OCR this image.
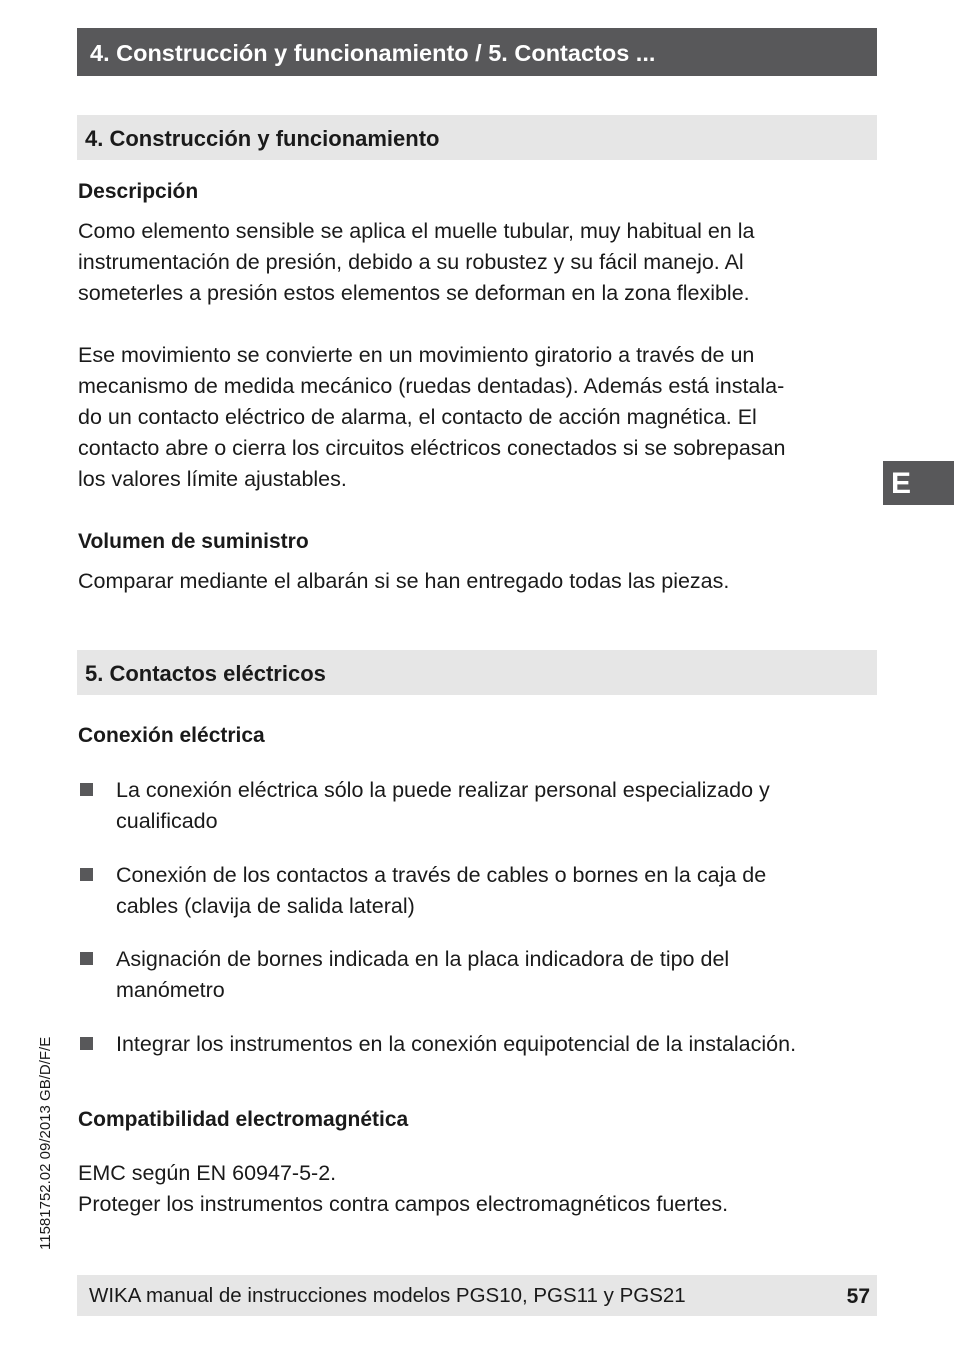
4. Construcción y funcionamiento / 5. Contactos ...
4. Construcción y funcionamiento
Descripción
Como elemento sensible se aplica el muelle tubular, muy habitual en la
instrumentación de presión, debido a su robustez y su fácil manejo. Al
someterles a presión estos elementos se deforman en la zona flexible.
Ese movimiento se convierte en un movimiento giratorio a través de un
mecanismo de medida mecánico (ruedas dentadas). Además está instala-
do un contacto eléctrico de alarma, el contacto de acción magnética. El
contacto abre o cierra los circuitos eléctricos conectados si se sobrepasan
los valores límite ajustables.
Volumen de suministro
Comparar mediante el albarán si se han entregado todas las piezas.
5. Contactos eléctricos
Conexión eléctrica
La conexión eléctrica sólo la puede realizar personal especializado y
cualificado
Conexión de los contactos a través de cables o bornes en la caja de
cables (clavija de salida lateral)
Asignación de bornes indicada en la placa indicadora de tipo del
manómetro
Integrar los instrumentos en la conexión equipotencial de la instalación.
Compatibilidad electromagnética
EMC según EN 60947-5-2.
Proteger los instrumentos contra campos electromagnéticos fuertes.
E
11581752.02 09/2013 GB/D/F/E
WIKA manual de instrucciones modelos PGS10, PGS11 y PGS21	57
